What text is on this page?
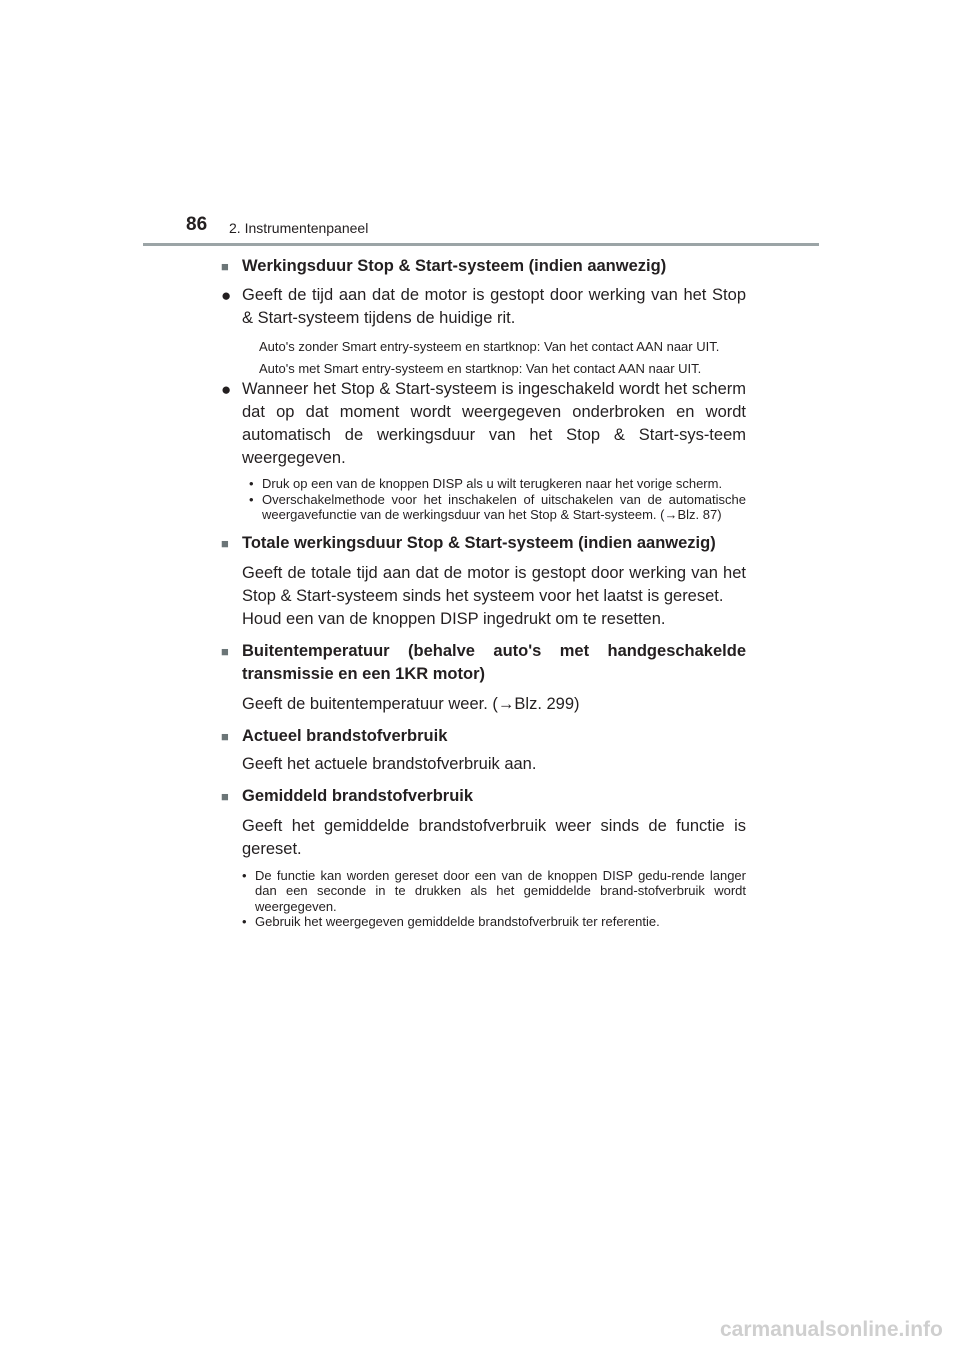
86 2. Instrumentenpaneel
■ Werkingsduur Stop & Start-systeem (indien aanwezig)
● Geeft de tijd aan dat de motor is gestopt door werking van het Stop & Start-systeem tijdens de huidige rit.

Auto's zonder Smart entry-systeem en startknop: Van het contact AAN naar UIT.

Auto's met Smart entry-systeem en startknop: Van het contact AAN naar UIT.

● Wanneer het Stop & Start-systeem is ingeschakeld wordt het scherm dat op dat moment wordt weergegeven onderbroken en wordt automatisch de werkingsduur van het Stop & Start-sys-teem weergegeven.
• Druk op een van de knoppen DISP als u wilt terugkeren naar het vorige scherm.
• Overschakelmethode voor het inschakelen of uitschakelen van de automatische weergavefunctie van de werkingsduur van het Stop & Start-systeem. (→Blz. 87)
■ Totale werkingsduur Stop & Start-systeem (indien aanwezig)

Geeft de totale tijd aan dat de motor is gestopt door werking van het Stop & Start-systeem sinds het systeem voor het laatst is gereset.

Houd een van de knoppen DISP ingedrukt om te resetten.

■ Buitentemperatuur (behalve auto's met handgeschakelde transmissie en een 1KR motor)

Geeft de buitentemperatuur weer. (→Blz. 299)

■ Actueel brandstofverbruik

Geeft het actuele brandstofverbruik aan.

■ Gemiddeld brandstofverbruik

Geeft het gemiddelde brandstofverbruik weer sinds de functie is gereset.

• De functie kan worden gereset door een van de knoppen DISP gedu-rende langer dan een seconde in te drukken als het gemiddelde brand-stofverbruik wordt weergegeven.
• Gebruik het weergegeven gemiddelde brandstofverbruik ter referentie.
carmanualsonline.info
